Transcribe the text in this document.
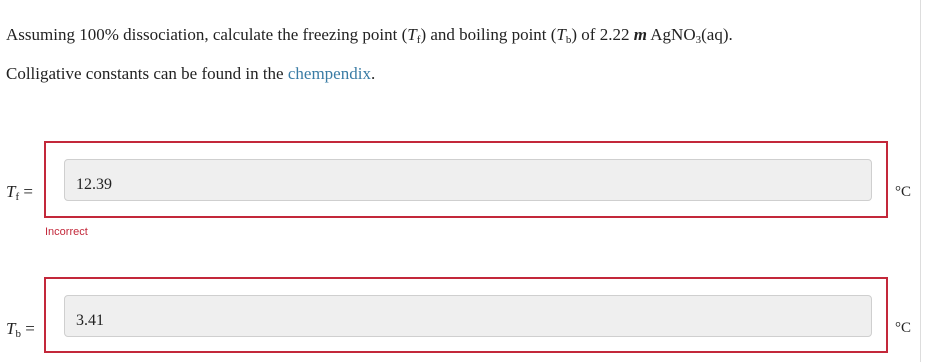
Assuming 100% dissociation, calculate the freezing point $(T_f)$ and boiling point $(T_b)$ of 2.22 m AgNO$_3$(aq).
Colligative constants can be found in the chempendix.
$T_f$ =
12.39	°C
Incorrect
$T_b$ =
3.41	°C
